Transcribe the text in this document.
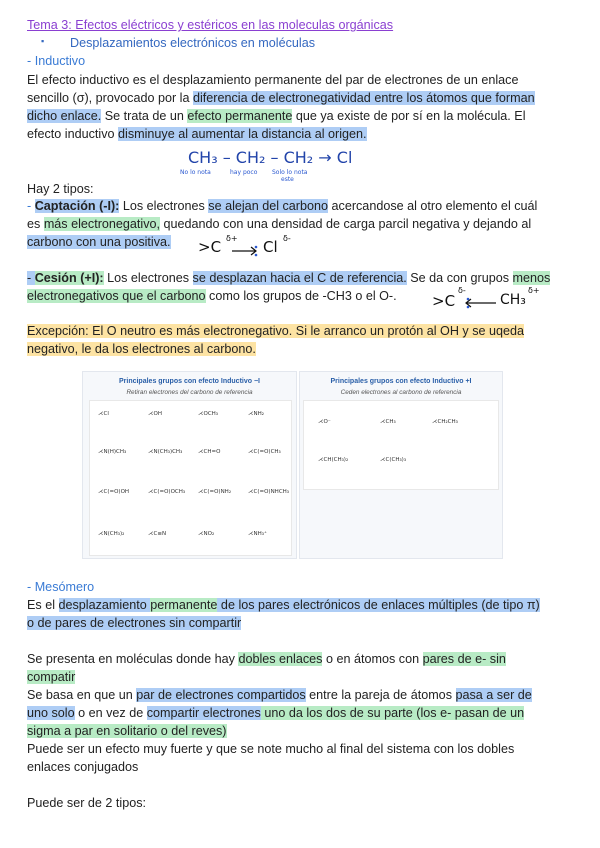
Tema 3: Efectos eléctricos y estéricos en las moleculas orgánicas
▪ Desplazamientos electrónicos en moléculas
- Inductivo
El efecto inductivo es el desplazamiento permanente del par de electrones de un enlace
sencillo (σ), provocado por la diferencia de electronegatividad entre los átomos que forman
dicho enlace. Se trata de un efecto permanente que ya existe de por sí en la molécula. El
efecto inductivo disminuye al aumentar la distancia al origen.
CH₃ – CH₂ – CH₂ → Cl
No lo nota	hay poco Solo lo nota
este
Hay 2 tipos:
- Captación (-I): Los electrones se alejan del carbono acercandose al otro elemento el cuál
es más electronegativo, quedando con una densidad de carga parcil negativa y dejando al
carbono con una positiva. >C δ+ Cl δ-
- Cesión (+I): Los electrones se desplazan hacia el C de referencia. Se da con grupos menos
electronegativos que el carbono como los grupos de -CH3 o el O-. >C
δ-
CH₃
δ+
Excepción: El O neutro es más electronegativo. Si le arranco un protón al OH y se uqeda
negativo, le da los electrones al carbono.
Principales grupos con efecto Inductivo −I
Retiran electrones del carbono de referencia
⋌Cl	⋌OH	⋌OCH₃	⋌NH₂
⋌N(H)CH₃	⋌N(CH₃)CH₃	⋌CH=O	⋌C(=O)CH₃
⋌C(=O)OH	⋌C(=O)OCH₃ ⋌C(=O)NH₂	⋌C(=O)NHCH₃
⋌N(CH₃)₂	⋌C≡N	⋌NO₂	⋌NH₃⁺
Principales grupos con efecto Inductivo +I
Ceden electrones al carbono de referencia
⋌O⁻	⋌CH₃	⋌CH₂CH₃
⋌CH(CH₃)₂	⋌C(CH₃)₃
- Mesómero
Es el desplazamiento permanente de los pares electrónicos de enlaces múltiples (de tipo π)
o de pares de electrones sin compartir
Se presenta en moléculas donde hay dobles enlaces o en átomos con pares de e- sin
compatir
Se basa en que un par de electrones compartidos entre la pareja de átomos pasa a ser de
uno solo o en vez de compartir electrones uno da los dos de su parte (los e- pasan de un
sigma a par en solitario o del reves)
Puede ser un efecto muy fuerte y que se note mucho al final del sistema con los dobles
enlaces conjugados
Puede ser de 2 tipos:
